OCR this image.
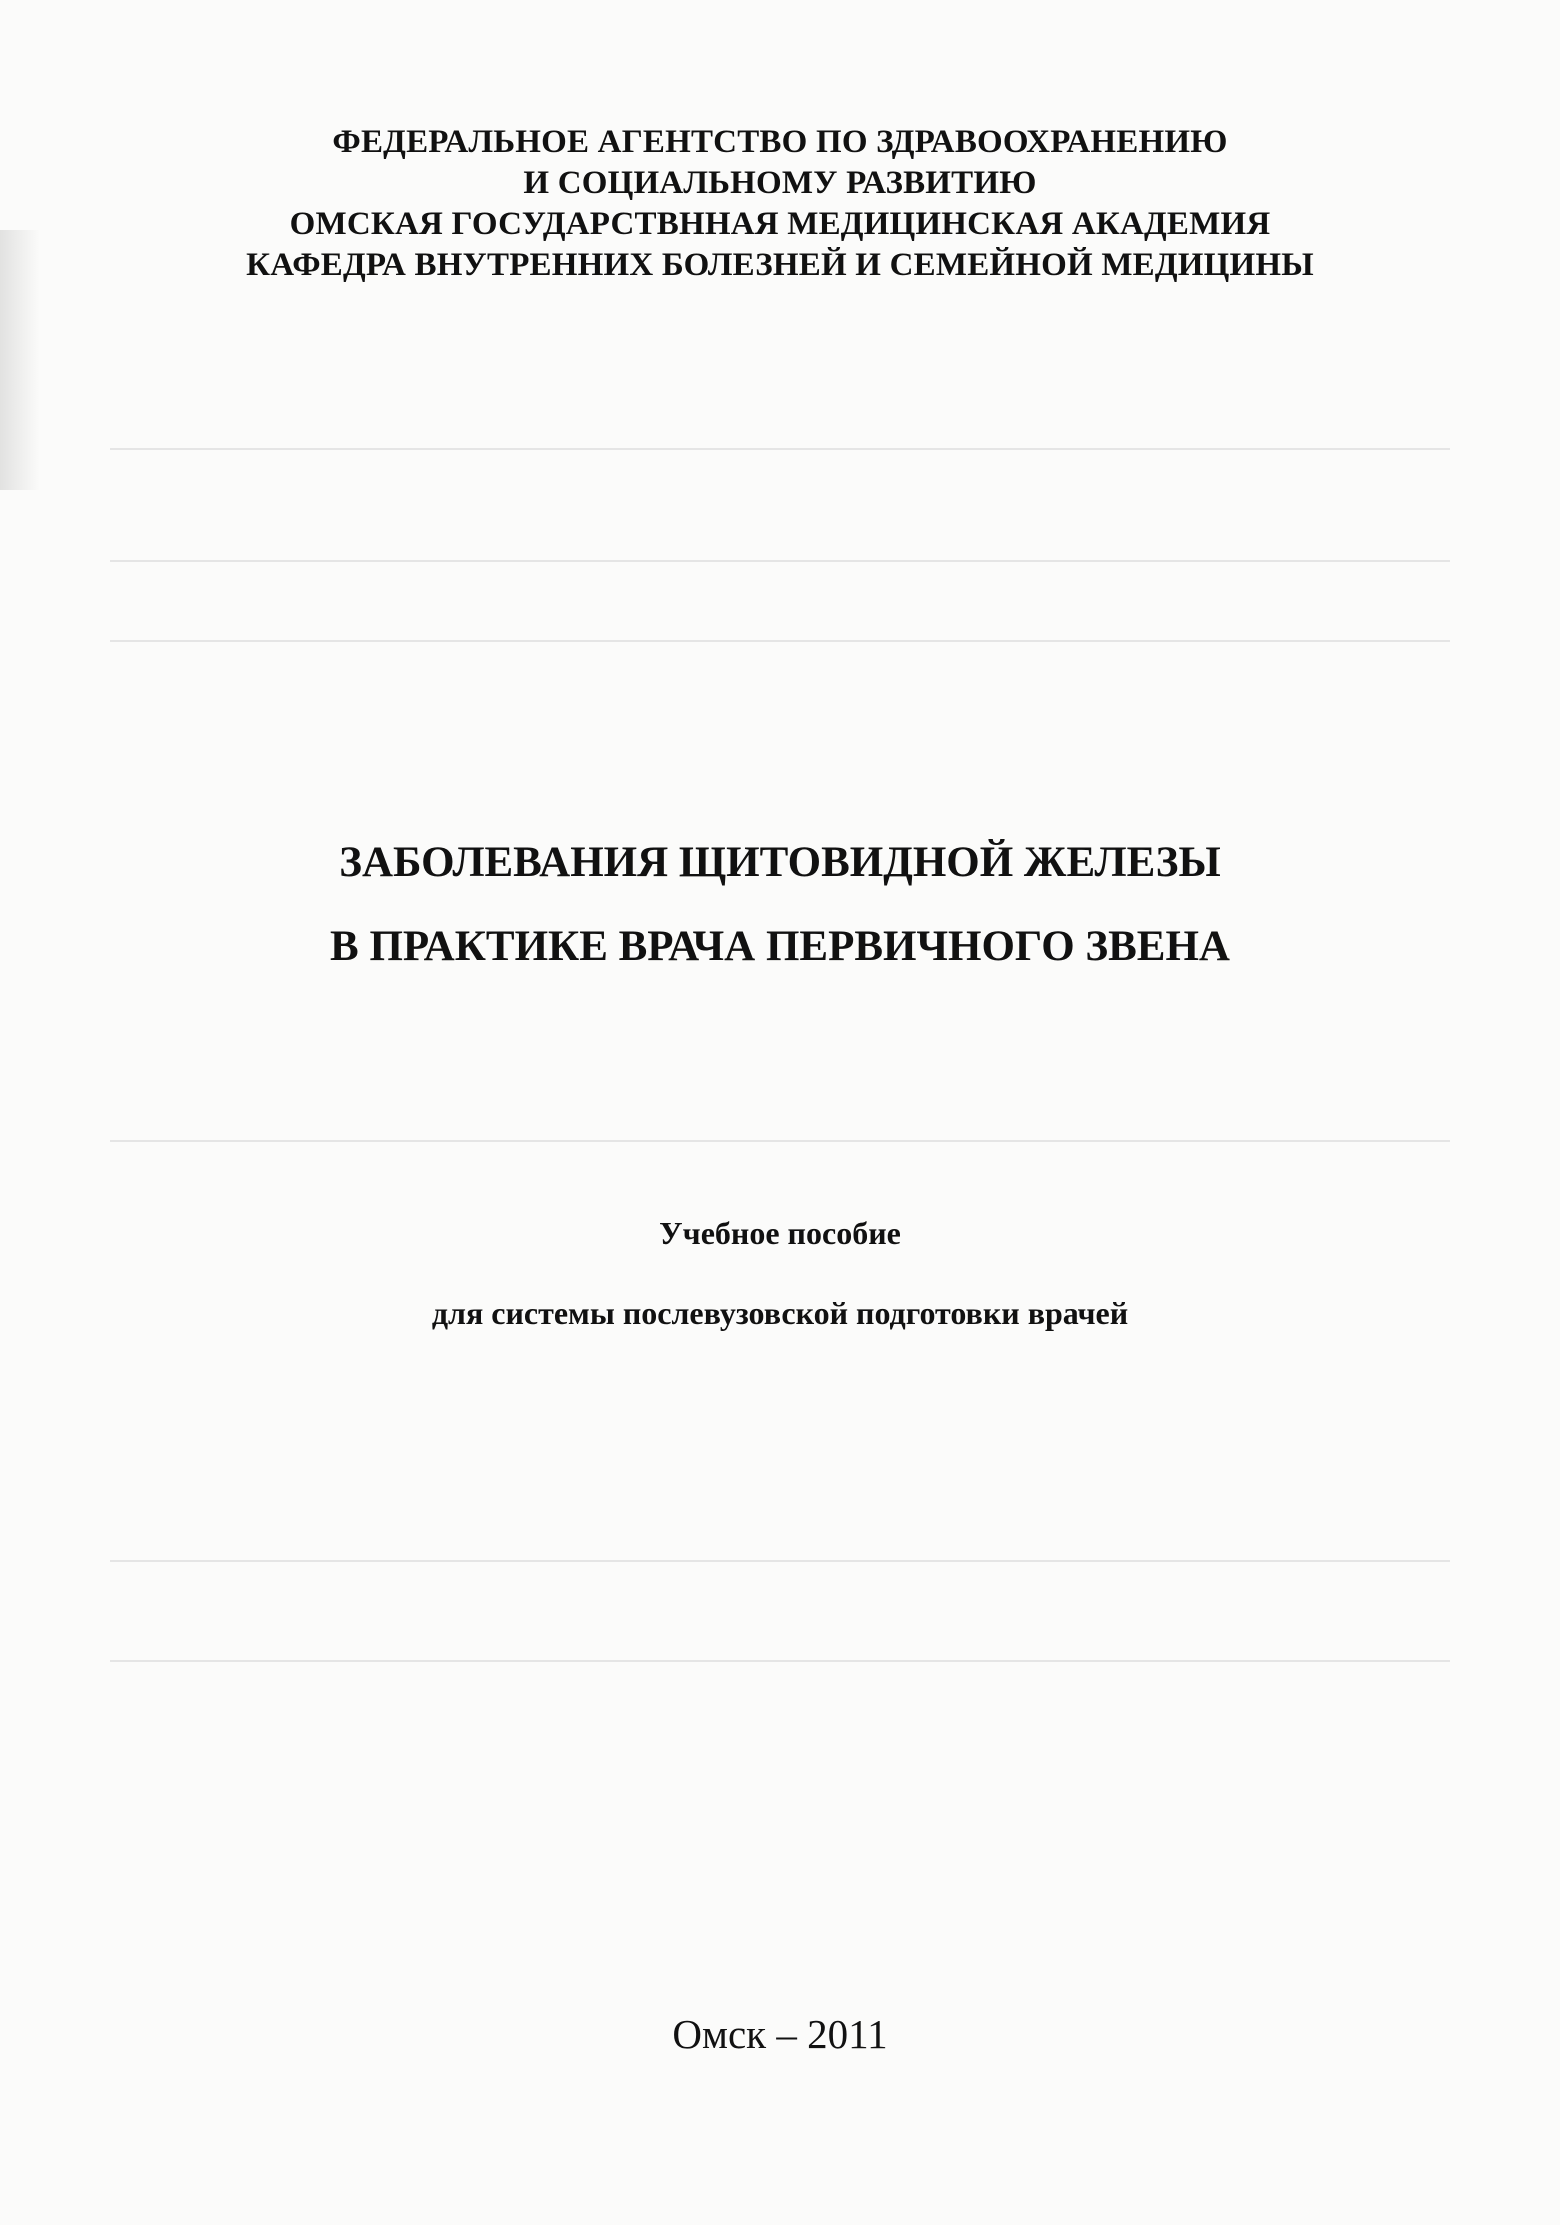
ФЕДЕРАЛЬНОЕ АГЕНТСТВО ПО ЗДРАВООХРАНЕНИЮ
И СОЦИАЛЬНОМУ РАЗВИТИЮ
ОМСКАЯ ГОСУДАРСТВННАЯ МЕДИЦИНСКАЯ АКАДЕМИЯ
КАФЕДРА ВНУТРЕННИХ БОЛЕЗНЕЙ И СЕМЕЙНОЙ МЕДИЦИНЫ
ЗАБОЛЕВАНИЯ ЩИТОВИДНОЙ ЖЕЛЕЗЫ
В ПРАКТИКЕ ВРАЧА ПЕРВИЧНОГО ЗВЕНА
Учебное пособие
для системы послевузовской подготовки врачей
Омск – 2011
